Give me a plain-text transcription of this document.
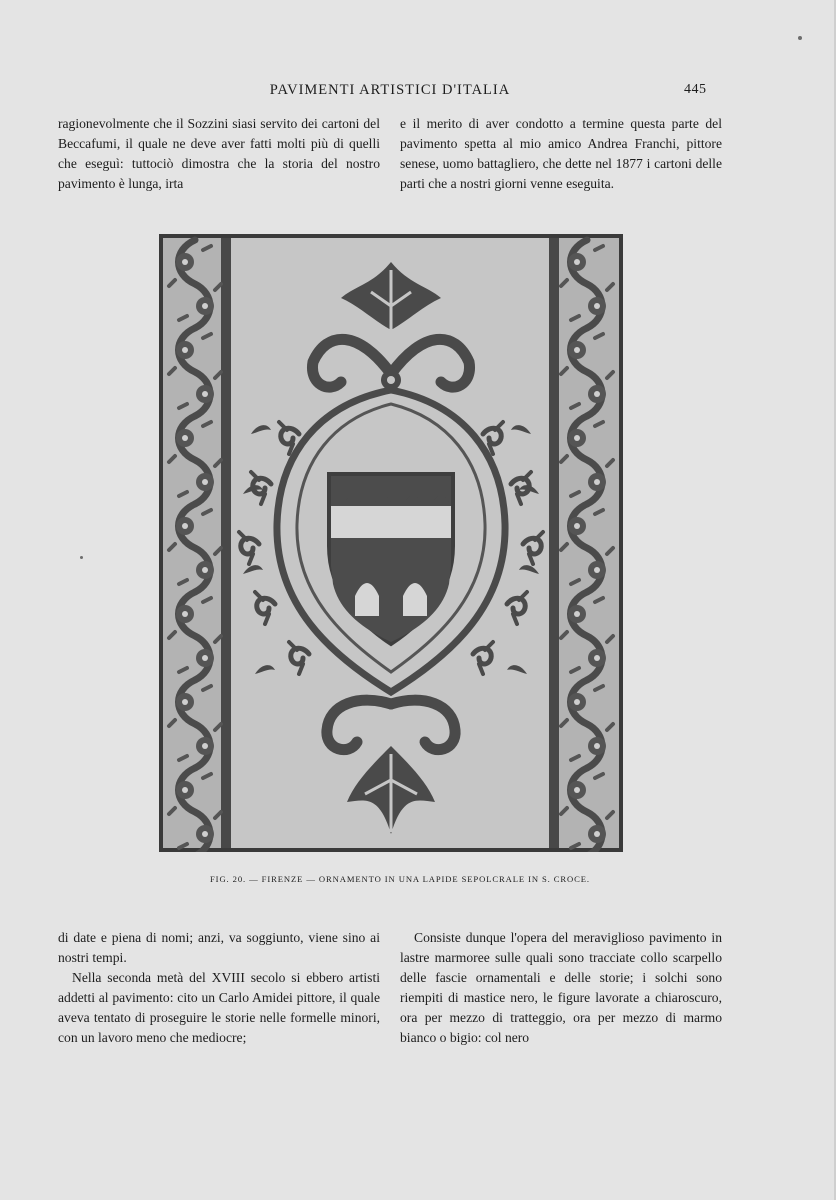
PAVIMENTI ARTISTICI D'ITALIA	445

ragionevolmente che il Sozzini siasi servito dei cartoni del Beccafumi, il quale ne deve aver fatti molti più di quelli che eseguì: tuttociò dimostra che la storia del nostro pavimento è lunga, irta

e il merito di aver condotto a termine questa parte del pavimento spetta al mio amico Andrea Franchi, pittore senese, uomo battagliero, che dette nel 1877 i cartoni delle parti che a nostri giorni venne eseguita.

FIG. 20. — FIRENZE — ORNAMENTO IN UNA LAPIDE SEPOLCRALE IN S. CROCE.

di date e piena di nomi; anzi, va soggiunto, viene sino ai nostri tempi.

Nella seconda metà del XVIII secolo si ebbero artisti addetti al pavimento: cito un Carlo Amidei pittore, il quale aveva tentato di proseguire le storie nelle formelle minori, con un lavoro meno che mediocre;

Consiste dunque l'opera del meraviglioso pavimento in lastre marmoree sulle quali sono tracciate collo scarpello delle fascie ornamentali e delle storie; i solchi sono riempiti di mastice nero, le figure lavorate a chiaroscuro, ora per mezzo di tratteggio, ora per mezzo di marmo bianco o bigio: col nero
